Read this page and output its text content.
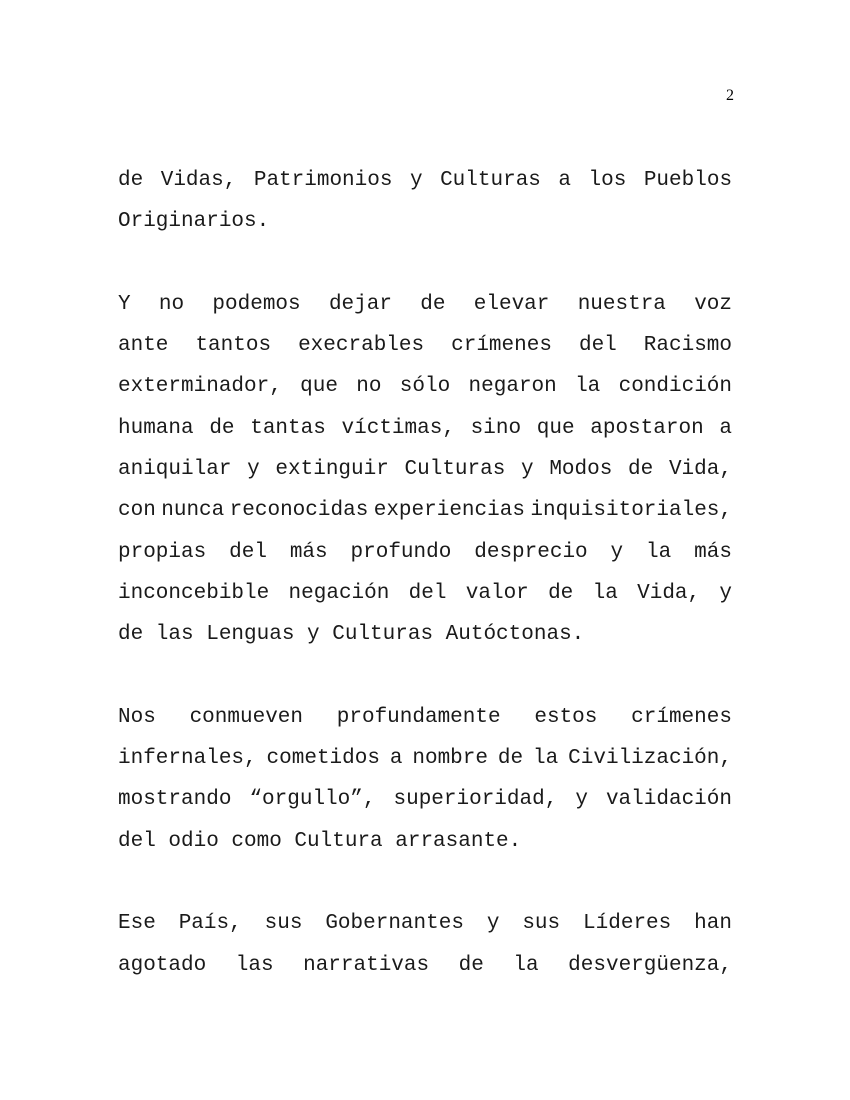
2
de Vidas, Patrimonios y Culturas a los Pueblos
Originarios.
Y no podemos dejar de elevar nuestra voz
ante tantos execrables crímenes del Racismo
exterminador, que no sólo negaron la condición
humana de tantas víctimas, sino que apostaron a
aniquilar y extinguir Culturas y Modos de Vida,
con nunca reconocidas experiencias inquisitoriales,
propias del más profundo desprecio y la más
inconcebible negación del valor de la Vida, y
de las Lenguas y Culturas Autóctonas.
Nos conmueven profundamente estos crímenes
infernales, cometidos a nombre de la Civilización,
mostrando “orgullo”, superioridad, y validación
del odio como Cultura arrasante.
Ese País, sus Gobernantes y sus Líderes han
agotado las narrativas de la desvergüenza,
